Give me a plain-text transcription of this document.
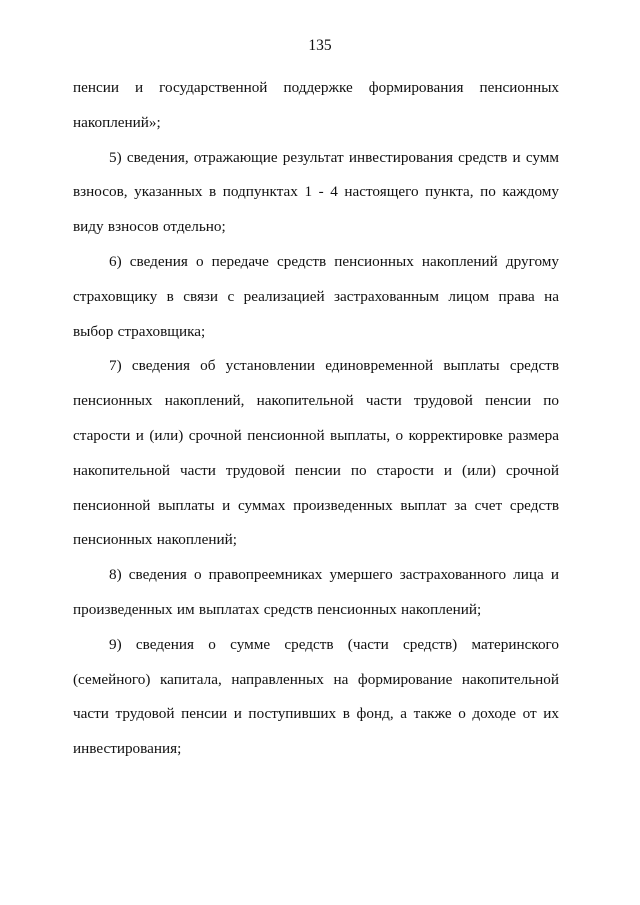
135

пенсии и государственной поддержке формирования пенсионных накоплений»;

5) сведения, отражающие результат инвестирования средств и сумм взносов, указанных в подпунктах 1 - 4 настоящего пункта, по каждому виду взносов отдельно;

6) сведения о передаче средств пенсионных накоплений другому страховщику в связи с реализацией застрахованным лицом права на выбор страховщика;

7) сведения об установлении единовременной выплаты средств пенсионных накоплений, накопительной части трудовой пенсии по старости и (или) срочной пенсионной выплаты, о корректировке размера накопительной части трудовой пенсии по старости и (или) срочной пенсионной выплаты и суммах произведенных выплат за счет средств пенсионных накоплений;

8) сведения о правопреемниках умершего застрахованного лица и произведенных им выплатах средств пенсионных накоплений;

9) сведения о сумме средств (части средств) материнского (семейного) капитала, направленных на формирование накопительной части трудовой пенсии и поступивших в фонд, а также о доходе от их инвестирования;
